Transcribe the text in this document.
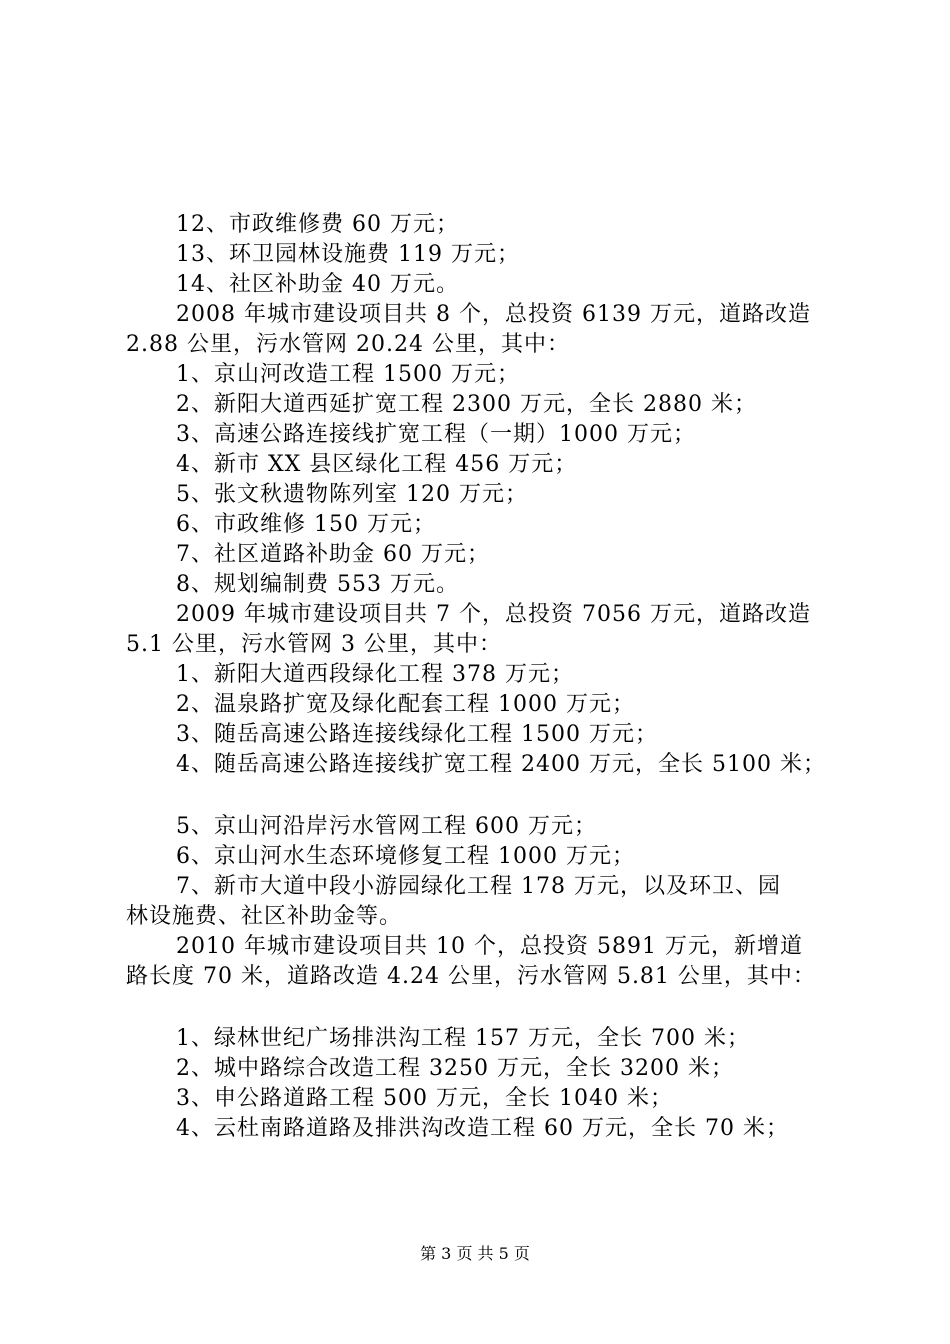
12、市政维修费 60 万元；
13、环卫园林设施费 119 万元；
14、社区补助金 40 万元。
2008 年城市建设项目共 8 个，总投资 6139 万元，道路改造
2.88 公里，污水管网 20.24 公里，其中：
1、京山河改造工程 1500 万元；
2、新阳大道西延扩宽工程 2300 万元，全长 2880 米；
3、高速公路连接线扩宽工程（一期）1000 万元；
4、新市 XX 县区绿化工程 456 万元；
5、张文秋遗物陈列室 120 万元；
6、市政维修 150 万元；
7、社区道路补助金 60 万元；
8、规划编制费 553 万元。
2009 年城市建设项目共 7 个，总投资 7056 万元，道路改造
5.1 公里，污水管网 3 公里，其中：
1、新阳大道西段绿化工程 378 万元；
2、温泉路扩宽及绿化配套工程 1000 万元；
3、随岳高速公路连接线绿化工程 1500 万元；
4、随岳高速公路连接线扩宽工程 2400 万元，全长 5100 米；
5、京山河沿岸污水管网工程 600 万元；
6、京山河水生态环境修复工程 1000 万元；
7、新市大道中段小游园绿化工程 178 万元，以及环卫、园
林设施费、社区补助金等。
2010 年城市建设项目共 10 个，总投资 5891 万元，新增道
路长度 70 米，道路改造 4.24 公里，污水管网 5.81 公里，其中：
1、绿林世纪广场排洪沟工程 157 万元，全长 700 米；
2、城中路综合改造工程 3250 万元，全长 3200 米；
3、申公路道路工程 500 万元，全长 1040 米；
4、云杜南路道路及排洪沟改造工程 60 万元，全长 70 米；
第 3 页 共 5 页
